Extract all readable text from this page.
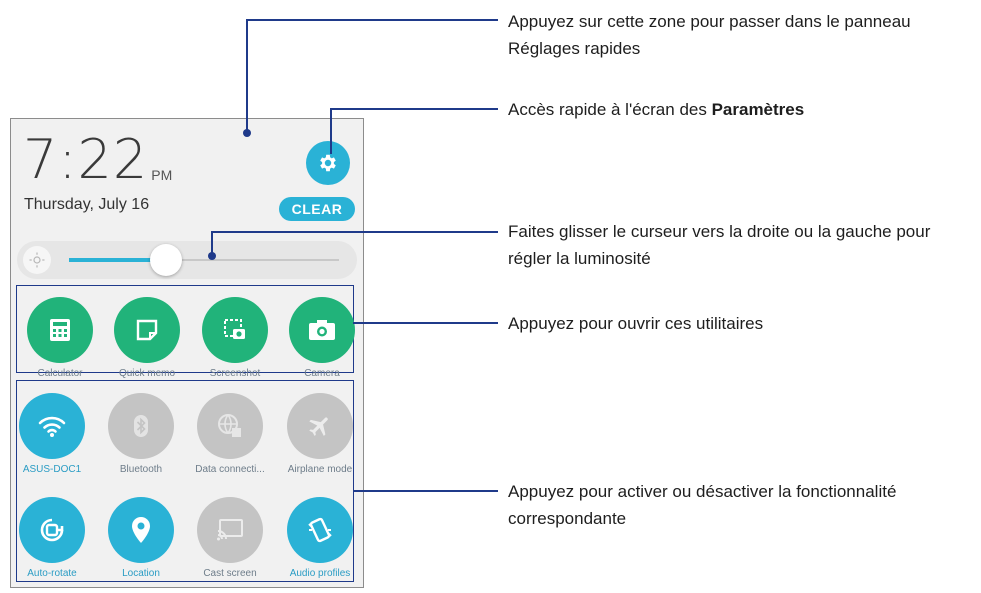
7:22 PM
Thursday, July 16	CLEAR
Calculator	Quick memo	Screenshot	Camera
ASUS-DOC1	Bluetooth	Data connecti...	Airplane mode
Auto-rotate	Location	Cast screen	Audio profiles
Appuyez sur cette zone pour passer dans le panneau Réglages rapides
Accès rapide à l'écran des Paramètres
Faites glisser le curseur vers la droite ou la gauche pour régler la luminosité
Appuyez pour ouvrir ces utilitaires
Appuyez pour activer ou désactiver la fonctionnalité correspondante
